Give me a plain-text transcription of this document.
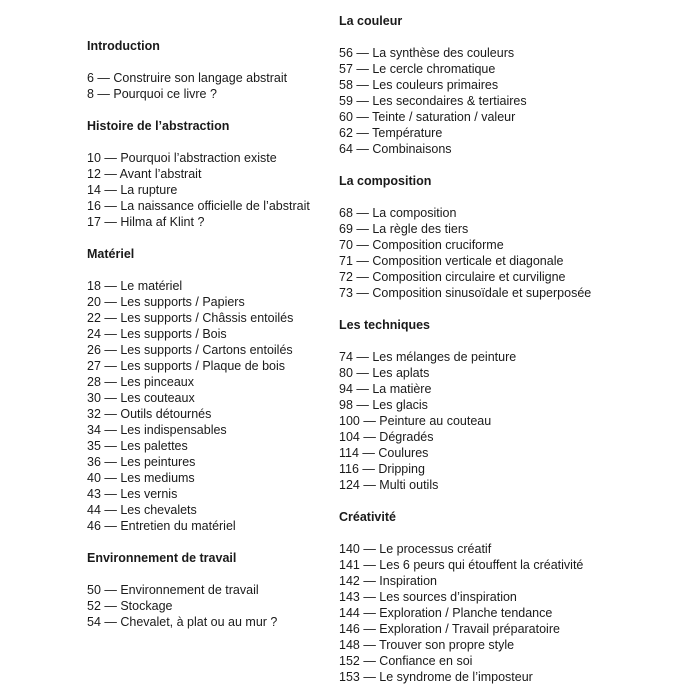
Introduction
6 — Construire son langage abstrait
8 — Pourquoi ce livre ?
Histoire de l’abstraction
10 — Pourquoi l’abstraction existe
12 — Avant l’abstrait
14 — La rupture
16 — La naissance officielle de l’abstrait
17 — Hilma af Klint ?
Matériel
18 — Le matériel
20 — Les supports / Papiers
22 — Les supports / Châssis entoilés
24 — Les supports / Bois
26 — Les supports / Cartons entoilés
27 — Les supports / Plaque de bois
28 — Les pinceaux
30 — Les couteaux
32 — Outils détournés
34 — Les indispensables
35 — Les palettes
36 — Les peintures
40 — Les mediums
43 — Les vernis
44 — Les chevalets
46 — Entretien du matériel
Environnement de travail
50 — Environnement de travail
52 — Stockage
54 — Chevalet, à plat ou au mur ?
La couleur
56 — La synthèse des couleurs
57 — Le cercle chromatique
58 — Les couleurs primaires
59 — Les secondaires & tertiaires
60 — Teinte / saturation / valeur
62 — Température
64 — Combinaisons
La composition
68 — La composition
69 — La règle des tiers
70 — Composition cruciforme
71 — Composition verticale et diagonale
72 — Composition circulaire et curviligne
73 — Composition sinusoïdale et superposée
Les techniques
74 — Les mélanges de peinture
80 — Les aplats
94 — La matière
98 — Les glacis
100 — Peinture au couteau
104 — Dégradés
114 — Coulures
116 — Dripping
124 — Multi outils
Créativité
140 — Le processus créatif
141 — Les 6 peurs qui étouffent la créativité
142 — Inspiration
143 — Les sources d’inspiration
144 — Exploration / Planche tendance
146 — Exploration / Travail préparatoire
148 — Trouver son propre style
152 — Confiance en soi
153 — Le syndrome de l’imposteur
